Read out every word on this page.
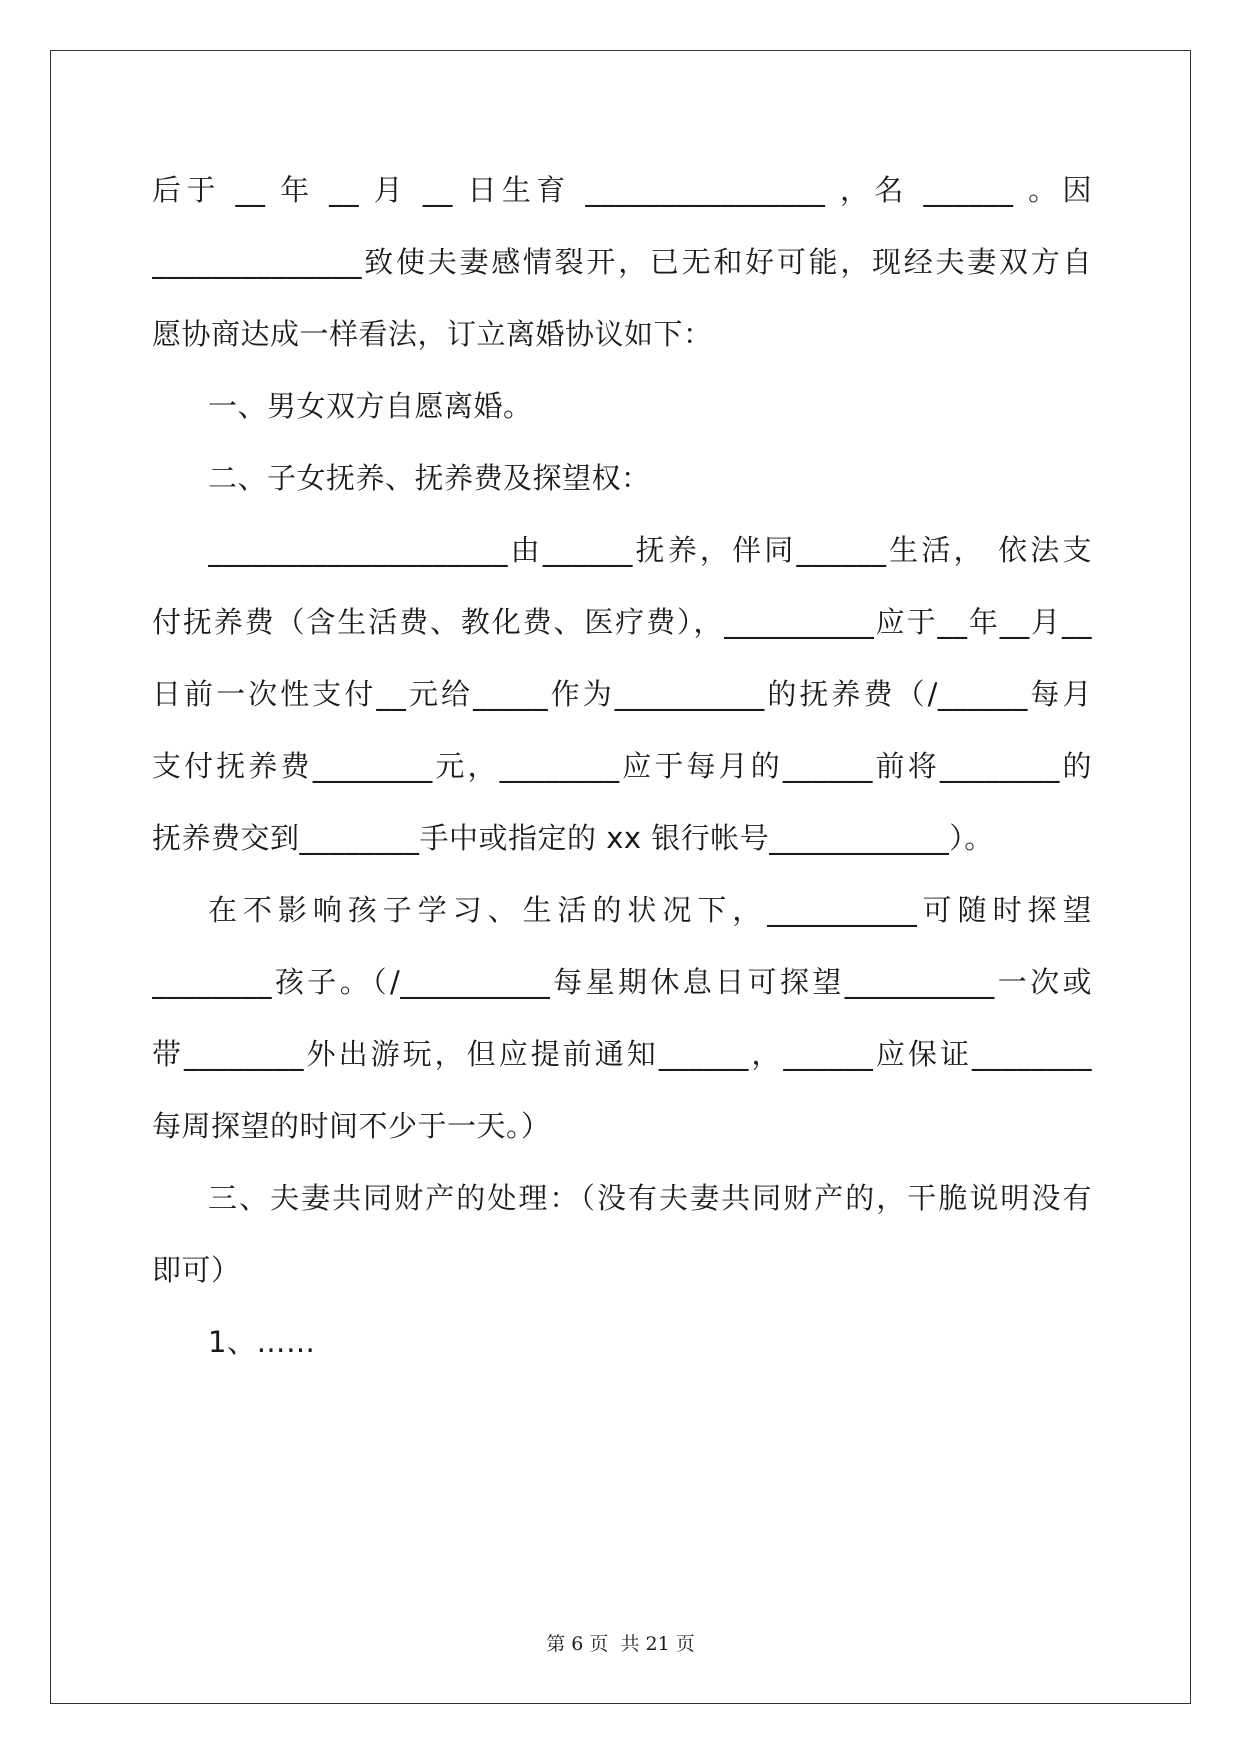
后于 __ 年 __ 月 __ 日生育 ________________ ，名 ______ 。因
______________致使夫妻感情裂开，已无和好可能，现经夫妻双方自
愿协商达成一样看法，订立离婚协议如下：
一、男女双方自愿离婚。
二、子女抚养、抚养费及探望权：
____________________由______抚养，伴同______生活， 依法支
付抚养费（含生活费、教化费、医疗费），__________应于__年__月__
日前一次性支付__元给_____作为__________的抚养费（/______每月
支付抚养费________元，________应于每月的______前将________的
抚养费交到________手中或指定的 xx 银行帐号____________）。
在不影响孩子学习、生活的状况下，__________可随时探望
________孩子。（/__________每星期休息日可探望__________一次或
带________外出游玩，但应提前通知______，______应保证________
每周探望的时间不少于一天。）
三、夫妻共同财产的处理：（没有夫妻共同财产的，干脆说明没有
即可）
1、……
第 6 页 共 21 页
